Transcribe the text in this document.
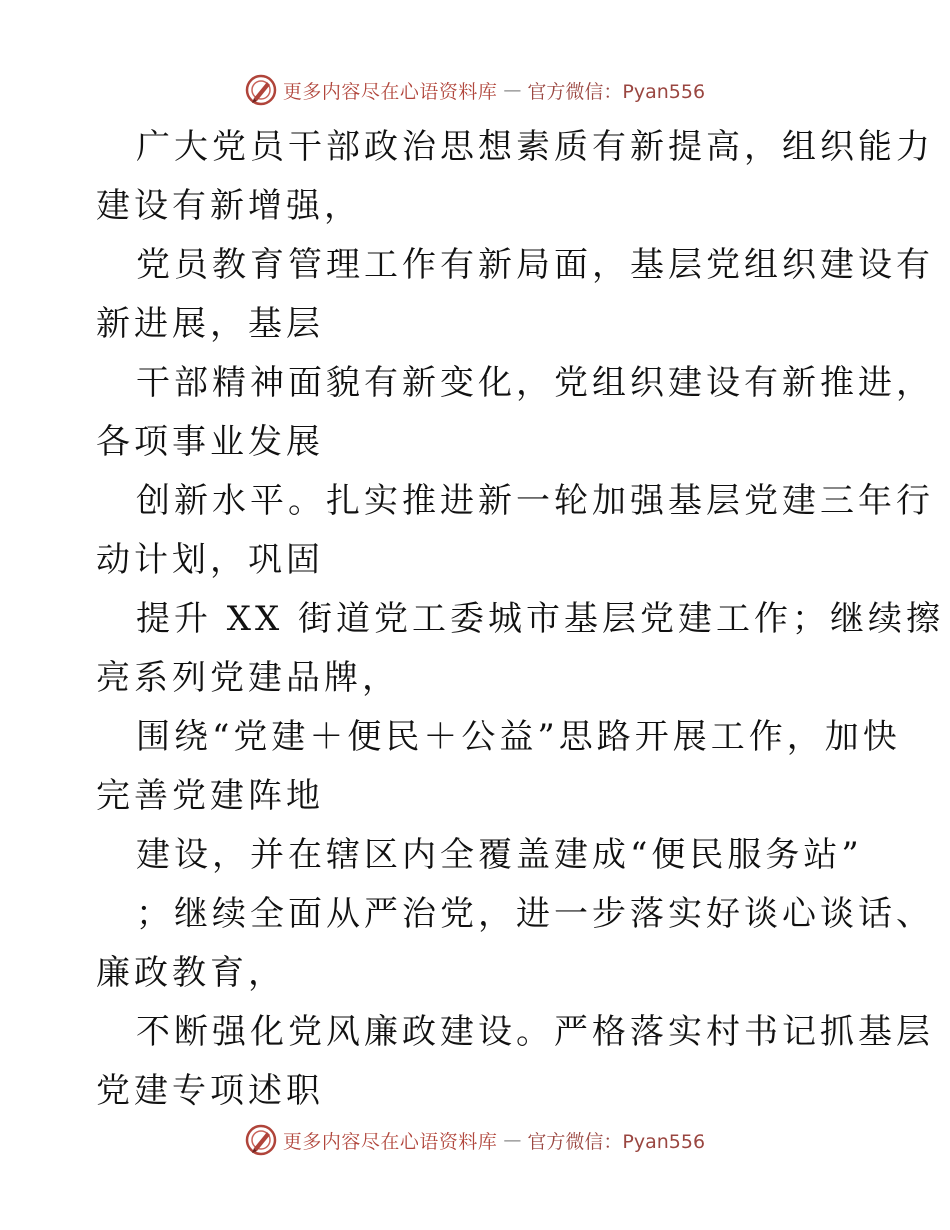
更多内容尽在心语资料库 — 官方微信：Pyan556
广大党员干部政治思想素质有新提高，组织能力
建设有新增强，
党员教育管理工作有新局面，基层党组织建设有
新进展，基层
干部精神面貌有新变化，党组织建设有新推进，
各项事业发展
创新水平。扎实推进新一轮加强基层党建三年行
动计划，巩固
提升 XX 街道党工委城市基层党建工作；继续擦
亮系列党建品牌，
围绕“党建＋便民＋公益”思路开展工作，加快
完善党建阵地
建设，并在辖区内全覆盖建成“便民服务站”
；继续全面从严治党，进一步落实好谈心谈话、
廉政教育，
不断强化党风廉政建设。严格落实村书记抓基层
党建专项述职
更多内容尽在心语资料库 — 官方微信：Pyan556
